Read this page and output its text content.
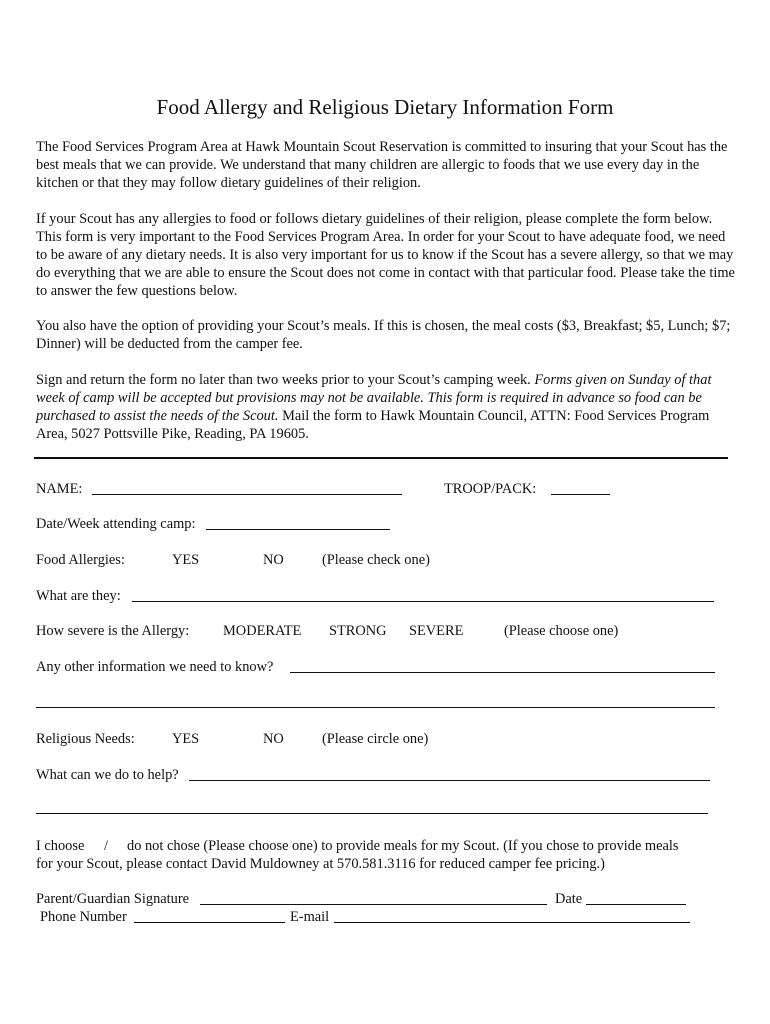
Food Allergy and Religious Dietary Information Form

The Food Services Program Area at Hawk Mountain Scout Reservation is committed to insuring that your Scout has the best meals that we can provide. We understand that many children are allergic to foods that we use every day in the kitchen or that they may follow dietary guidelines of their religion.

If your Scout has any allergies to food or follows dietary guidelines of their religion, please complete the form below. This form is very important to the Food Services Program Area. In order for your Scout to have adequate food, we need to be aware of any dietary needs. It is also very important for us to know if the Scout has a severe allergy, so that we may do everything that we are able to ensure the Scout does not come in contact with that particular food. Please take the time to answer the few questions below.

You also have the option of providing your Scout’s meals. If this is chosen, the meal costs ($3, Breakfast; $5, Lunch; $7; Dinner) will be deducted from the camper fee.

Sign and return the form no later than two weeks prior to your Scout’s camping week. Forms given on Sunday of that week of camp will be accepted but provisions may not be available. This form is required in advance so food can be purchased to assist the needs of the Scout. Mail the form to Hawk Mountain Council, ATTN: Food Services Program Area, 5027 Pottsville Pike, Reading, PA 19605.

NAME:	TROOP/PACK:
Date/Week attending camp:
Food Allergies:	YES	NO	(Please check one)
What are they:
How severe is the Allergy: MODERATE STRONG SEVERE	(Please choose one)
Any other information we need to know?
Religious Needs:	YES	NO	(Please circle one)
What can we do to help?
I choose / do not chose (Please choose one) to provide meals for my Scout. (If you chose to provide meals
for your Scout, please contact David Muldowney at 570.581.3116 for reduced camper fee pricing.)
Parent/Guardian Signature	Date
Phone Number	E-mail
